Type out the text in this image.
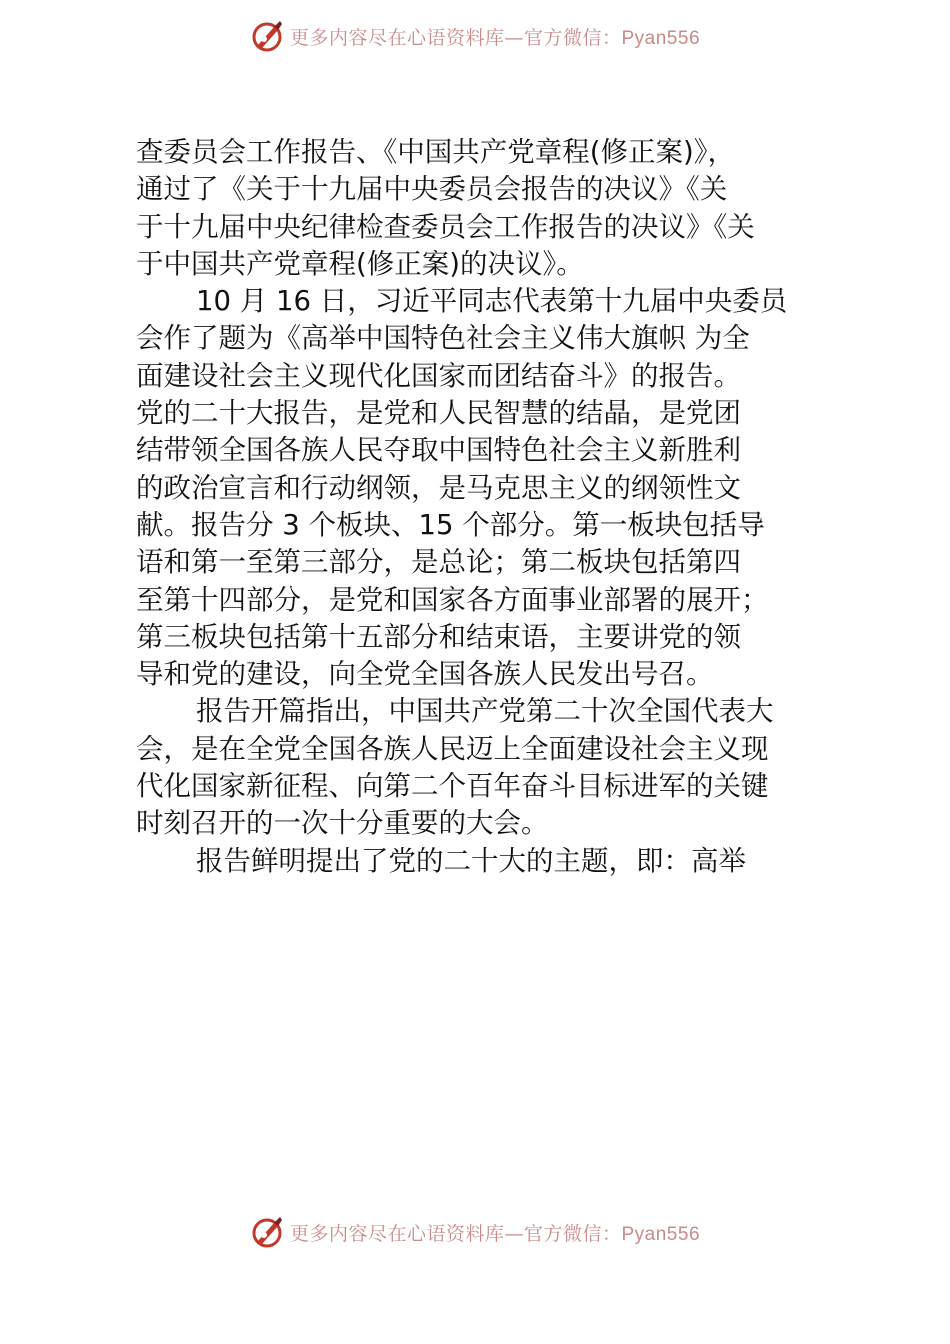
更多内容尽在心语资料库—官方微信：Pyan556
查委员会工作报告、《中国共产党章程(修正案)》，
通过了《关于十九届中央委员会报告的决议》《关
于十九届中央纪律检查委员会工作报告的决议》《关
于中国共产党章程(修正案)的决议》。
10 月 16 日，习近平同志代表第十九届中央委员
会作了题为《高举中国特色社会主义伟大旗帜 为全
面建设社会主义现代化国家而团结奋斗》的报告。
党的二十大报告，是党和人民智慧的结晶，是党团
结带领全国各族人民夺取中国特色社会主义新胜利
的政治宣言和行动纲领，是马克思主义的纲领性文
献。报告分 3 个板块、15 个部分。第一板块包括导
语和第一至第三部分，是总论；第二板块包括第四
至第十四部分，是党和国家各方面事业部署的展开；
第三板块包括第十五部分和结束语，主要讲党的领
导和党的建设，向全党全国各族人民发出号召。
报告开篇指出，中国共产党第二十次全国代表大
会，是在全党全国各族人民迈上全面建设社会主义现
代化国家新征程、向第二个百年奋斗目标进军的关键
时刻召开的一次十分重要的大会。
报告鲜明提出了党的二十大的主题，即：高举
更多内容尽在心语资料库—官方微信：Pyan556
